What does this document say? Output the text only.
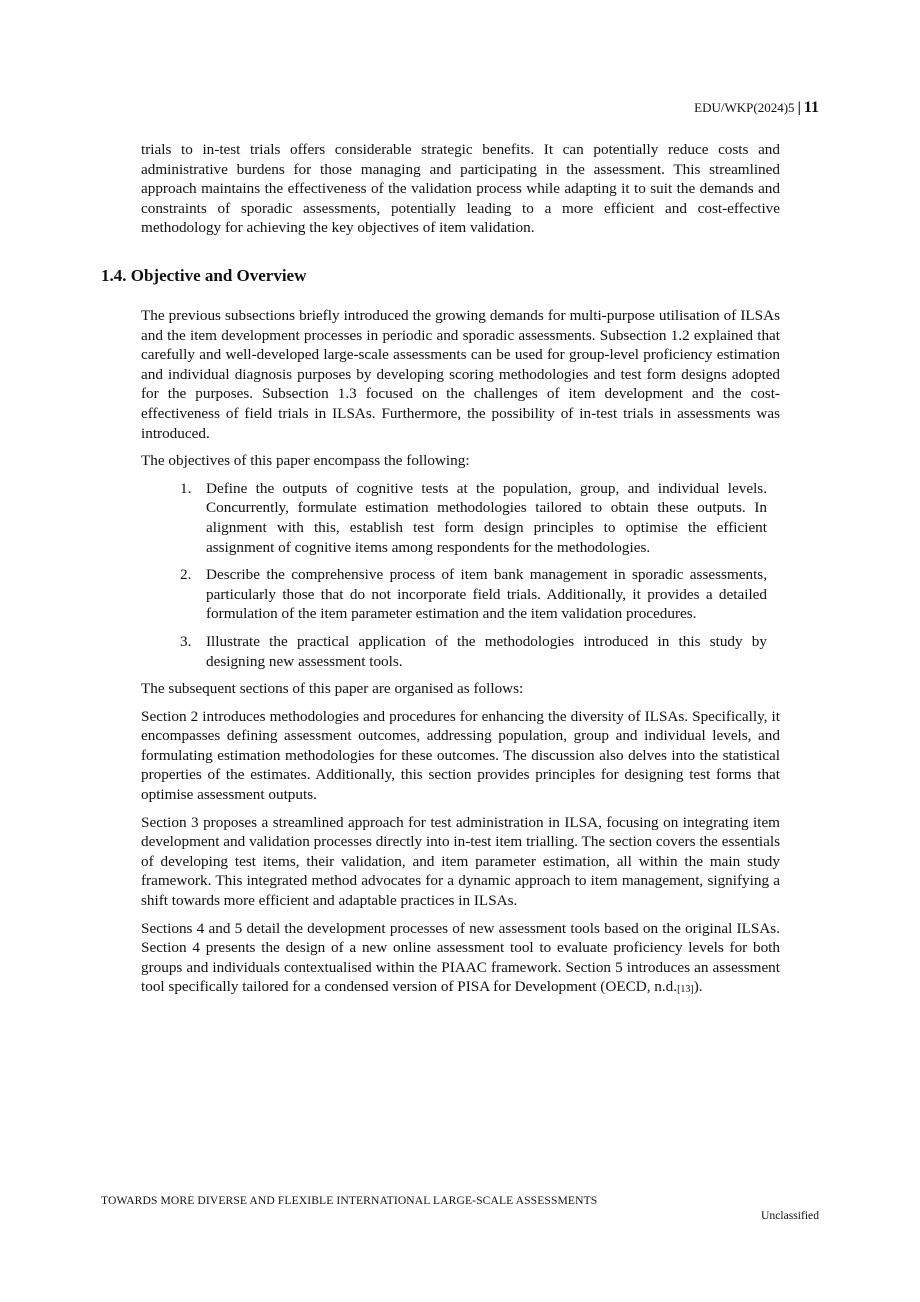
EDU/WKP(2024)5 | 11

trials to in-test trials offers considerable strategic benefits. It can potentially reduce costs and administrative burdens for those managing and participating in the assessment. This streamlined approach maintains the effectiveness of the validation process while adapting it to suit the demands and constraints of sporadic assessments, potentially leading to a more efficient and cost-effective methodology for achieving the key objectives of item validation.

1.4. Objective and Overview

The previous subsections briefly introduced the growing demands for multi-purpose utilisation of ILSAs and the item development processes in periodic and sporadic assessments. Subsection 1.2 explained that carefully and well-developed large-scale assessments can be used for group-level proficiency estimation and individual diagnosis purposes by developing scoring methodologies and test form designs adopted for the purposes. Subsection 1.3 focused on the challenges of item development and the cost-effectiveness of field trials in ILSAs. Furthermore, the possibility of in-test trials in assessments was introduced.

The objectives of this paper encompass the following:

1. Define the outputs of cognitive tests at the population, group, and individual levels. Concurrently, formulate estimation methodologies tailored to obtain these outputs. In alignment with this, establish test form design principles to optimise the efficient assignment of cognitive items among respondents for the methodologies.
2. Describe the comprehensive process of item bank management in sporadic assessments, particularly those that do not incorporate field trials. Additionally, it provides a detailed formulation of the item parameter estimation and the item validation procedures.
3. Illustrate the practical application of the methodologies introduced in this study by designing new assessment tools.

The subsequent sections of this paper are organised as follows:

Section 2 introduces methodologies and procedures for enhancing the diversity of ILSAs. Specifically, it encompasses defining assessment outcomes, addressing population, group and individual levels, and formulating estimation methodologies for these outcomes. The discussion also delves into the statistical properties of the estimates. Additionally, this section provides principles for designing test forms that optimise assessment outputs.

Section 3 proposes a streamlined approach for test administration in ILSA, focusing on integrating item development and validation processes directly into in-test item trialling. The section covers the essentials of developing test items, their validation, and item parameter estimation, all within the main study framework. This integrated method advocates for a dynamic approach to item management, signifying a shift towards more efficient and adaptable practices in ILSAs.

Sections 4 and 5 detail the development processes of new assessment tools based on the original ILSAs. Section 4 presents the design of a new online assessment tool to evaluate proficiency levels for both groups and individuals contextualised within the PIAAC framework. Section 5 introduces an assessment tool specifically tailored for a condensed version of PISA for Development (OECD, n.d.[13]).

TOWARDS MORE DIVERSE AND FLEXIBLE INTERNATIONAL LARGE-SCALE ASSESSMENTS
Unclassified
